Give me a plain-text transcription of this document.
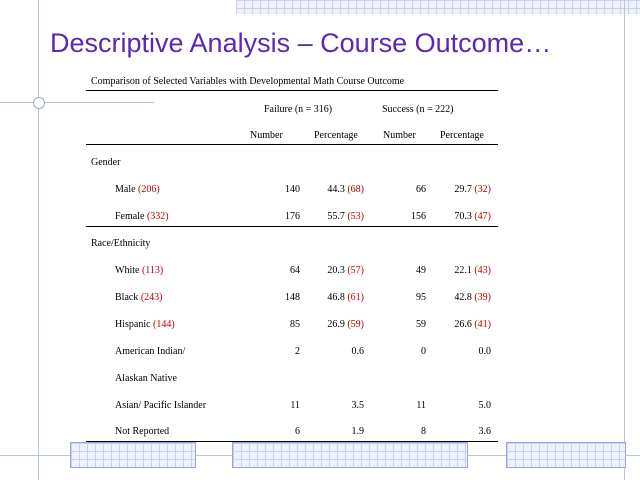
Descriptive Analysis – Course Outcome…
Comparison of Selected Variables with Developmental Math Course Outcome
Failure (n = 316)	Success (n = 222)
Number	Percentage	Number Percentage
Gender
Male (206)	140	44.3 (68)	66	29.7 (32)
Female (332)	176	55.7 (53)	156	70.3 (47)
Race/Ethnicity
White (113)	64	20.3 (57)	49	22.1 (43)
Black (243)	148	46.8 (61)	95	42.8 (39)
Hispanic (144)	85	26.9 (59)	59	26.6 (41)
American Indian/	2	0.6	0	0.0
Alaskan Native
Asian/ Pacific Islander	11	3.5	11	5.0
Not Reported	6	1.9	8	3.6
